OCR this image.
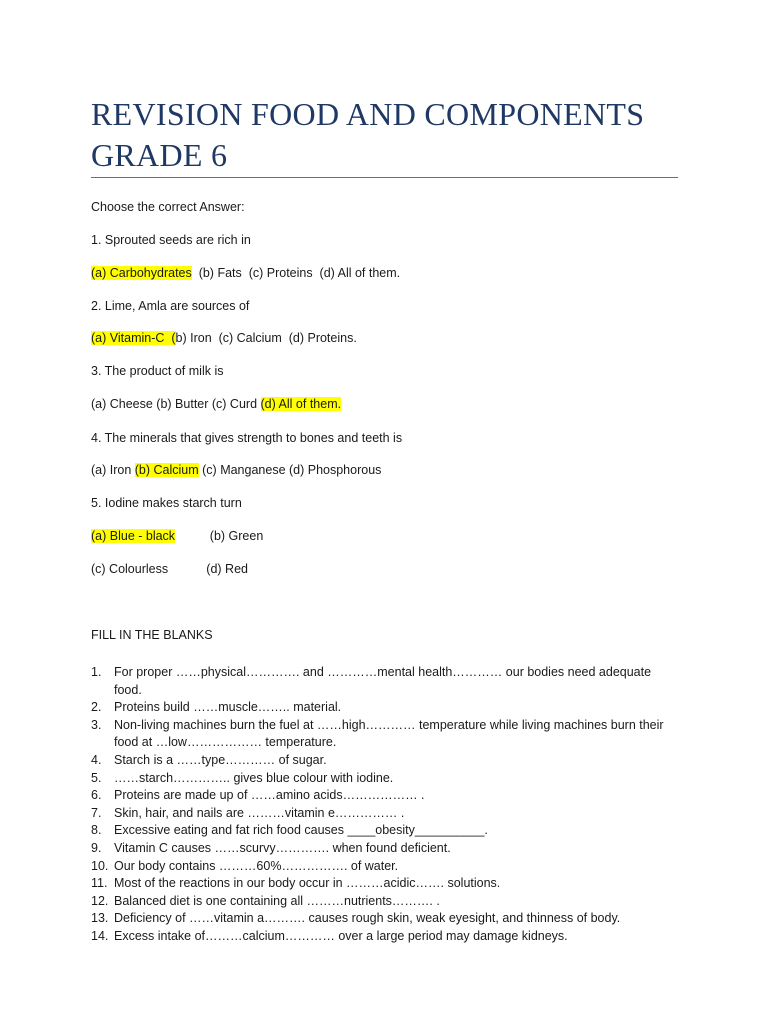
REVISION FOOD AND COMPONENTS
GRADE 6

Choose the correct Answer:

1. Sprouted seeds are rich in

(a) Carbohydrates  (b) Fats  (c) Proteins  (d) All of them.

2. Lime, Amla are sources of

(a) Vitamin-C  (b) Iron  (c) Calcium  (d) Proteins.

3. The product of milk is

(a) Cheese (b) Butter (c) Curd (d) All of them.

4. The minerals that gives strength to bones and teeth is

(a) Iron (b) Calcium (c) Manganese (d) Phosphorous

5. Iodine makes starch turn

(a) Blue - black          (b) Green

(c) Colourless           (d) Red

FILL IN THE BLANKS

1.	For proper ……physical…………. and …………mental health………… our bodies need adequate food.
2.	Proteins build ……muscle…….. material.
3.	Non-living machines burn the fuel at ……high………… temperature while living machines burn their food at …low……………… temperature.
4.	Starch is a ……type………… of sugar.
5.	……starch………….. gives blue colour with iodine.
6.	Proteins are made up of ……amino acids……………… .
7.	Skin, hair, and nails are ………vitamin e…………… .
8.	Excessive eating and fat rich food causes ____obesity__________.
9.	Vitamin C causes ……scurvy…………. when found deficient.
10. Our body contains ………60%……………. of water.
11. Most of the reactions in our body occur in ………acidic……. solutions.
12. Balanced diet is one containing all ………nutrients………. .
13. Deficiency of ……vitamin a………. causes rough skin, weak eyesight, and thinness of body.
14. Excess intake of………calcium………… over a large period may damage kidneys.
